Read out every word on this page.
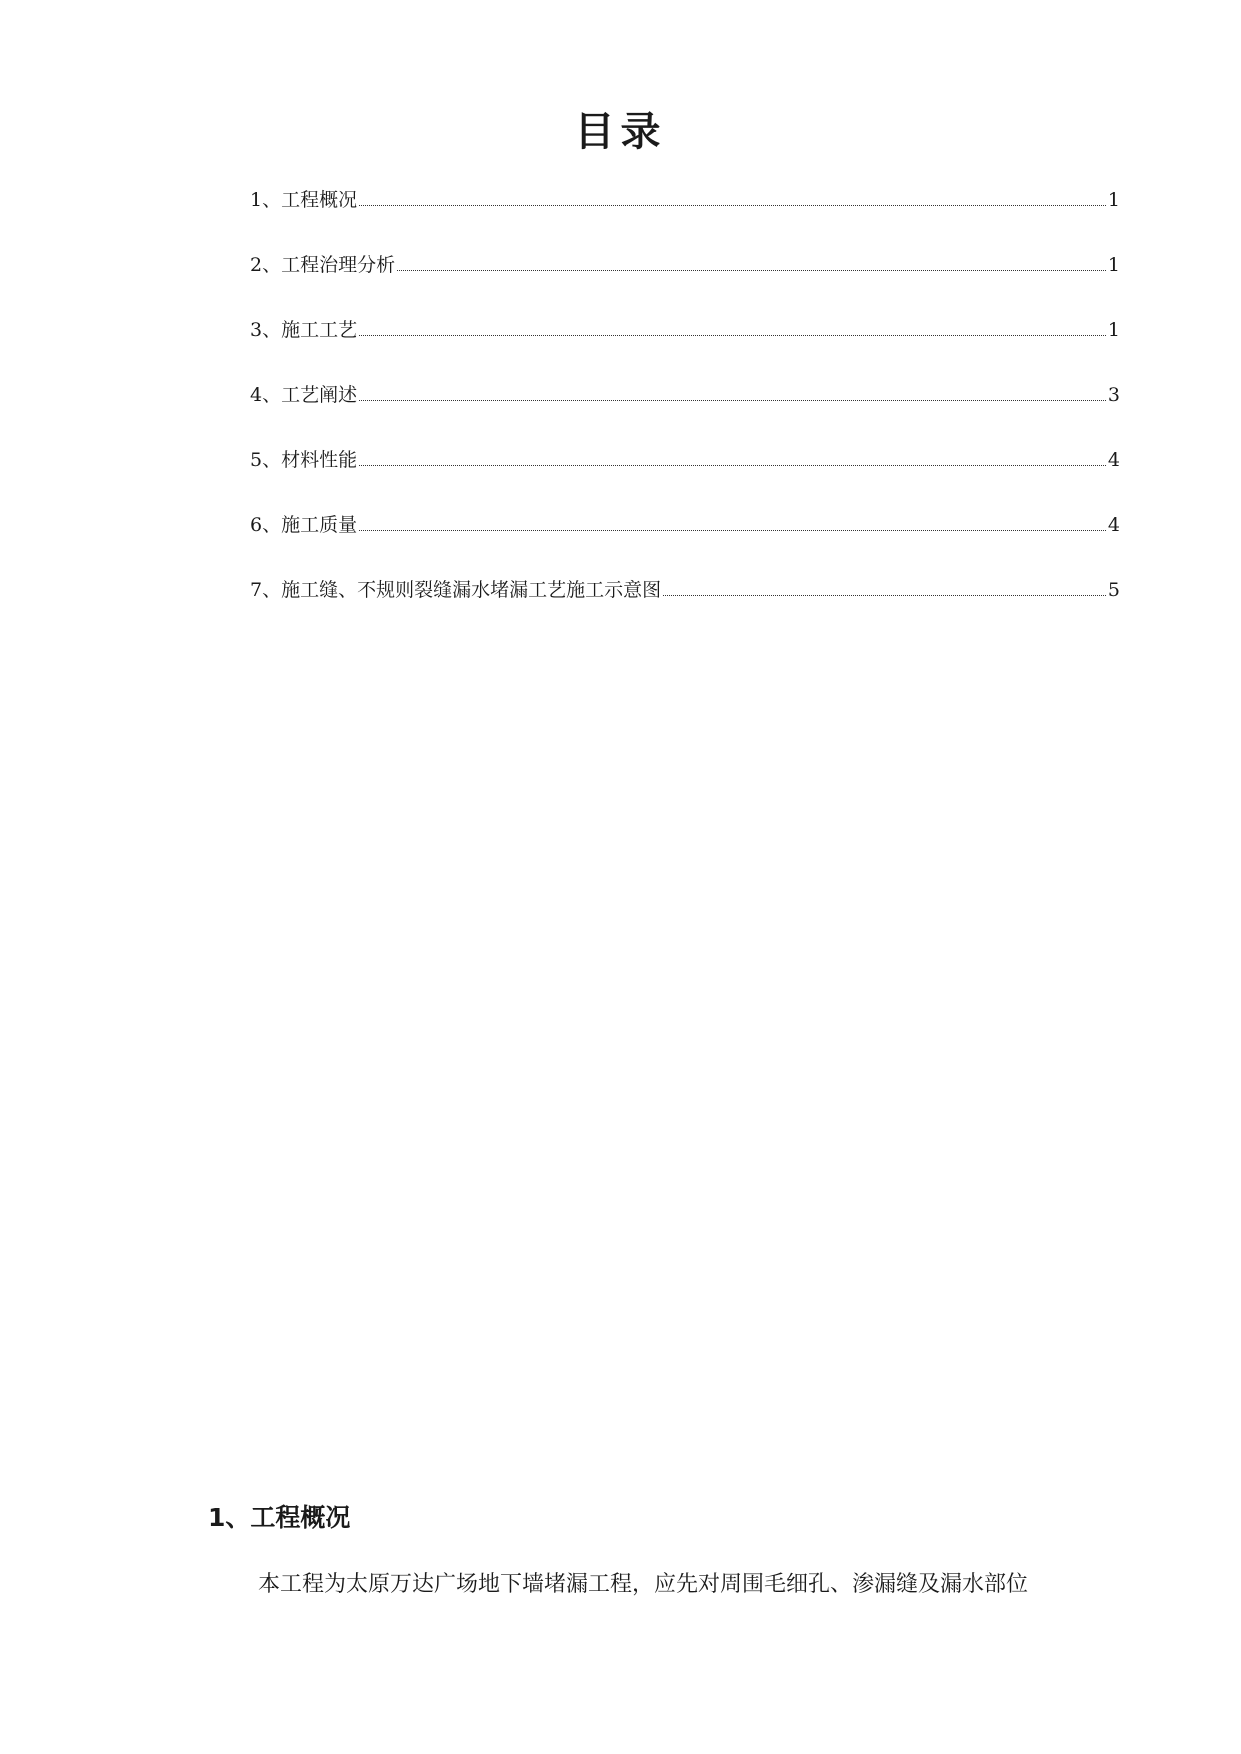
目录
1、 工程概况	1
2、 工程治理分析	1
3、 施工工艺	1
4、 工艺阐述	3
5、 材料性能	4
6、 施工质量	4
7、 施工缝、不规则裂缝漏水堵漏工艺施工示意图	5
1、工程概况

本工程为太原万达广场地下墙堵漏工程，应先对周围毛细孔、渗漏缝及漏水部位
